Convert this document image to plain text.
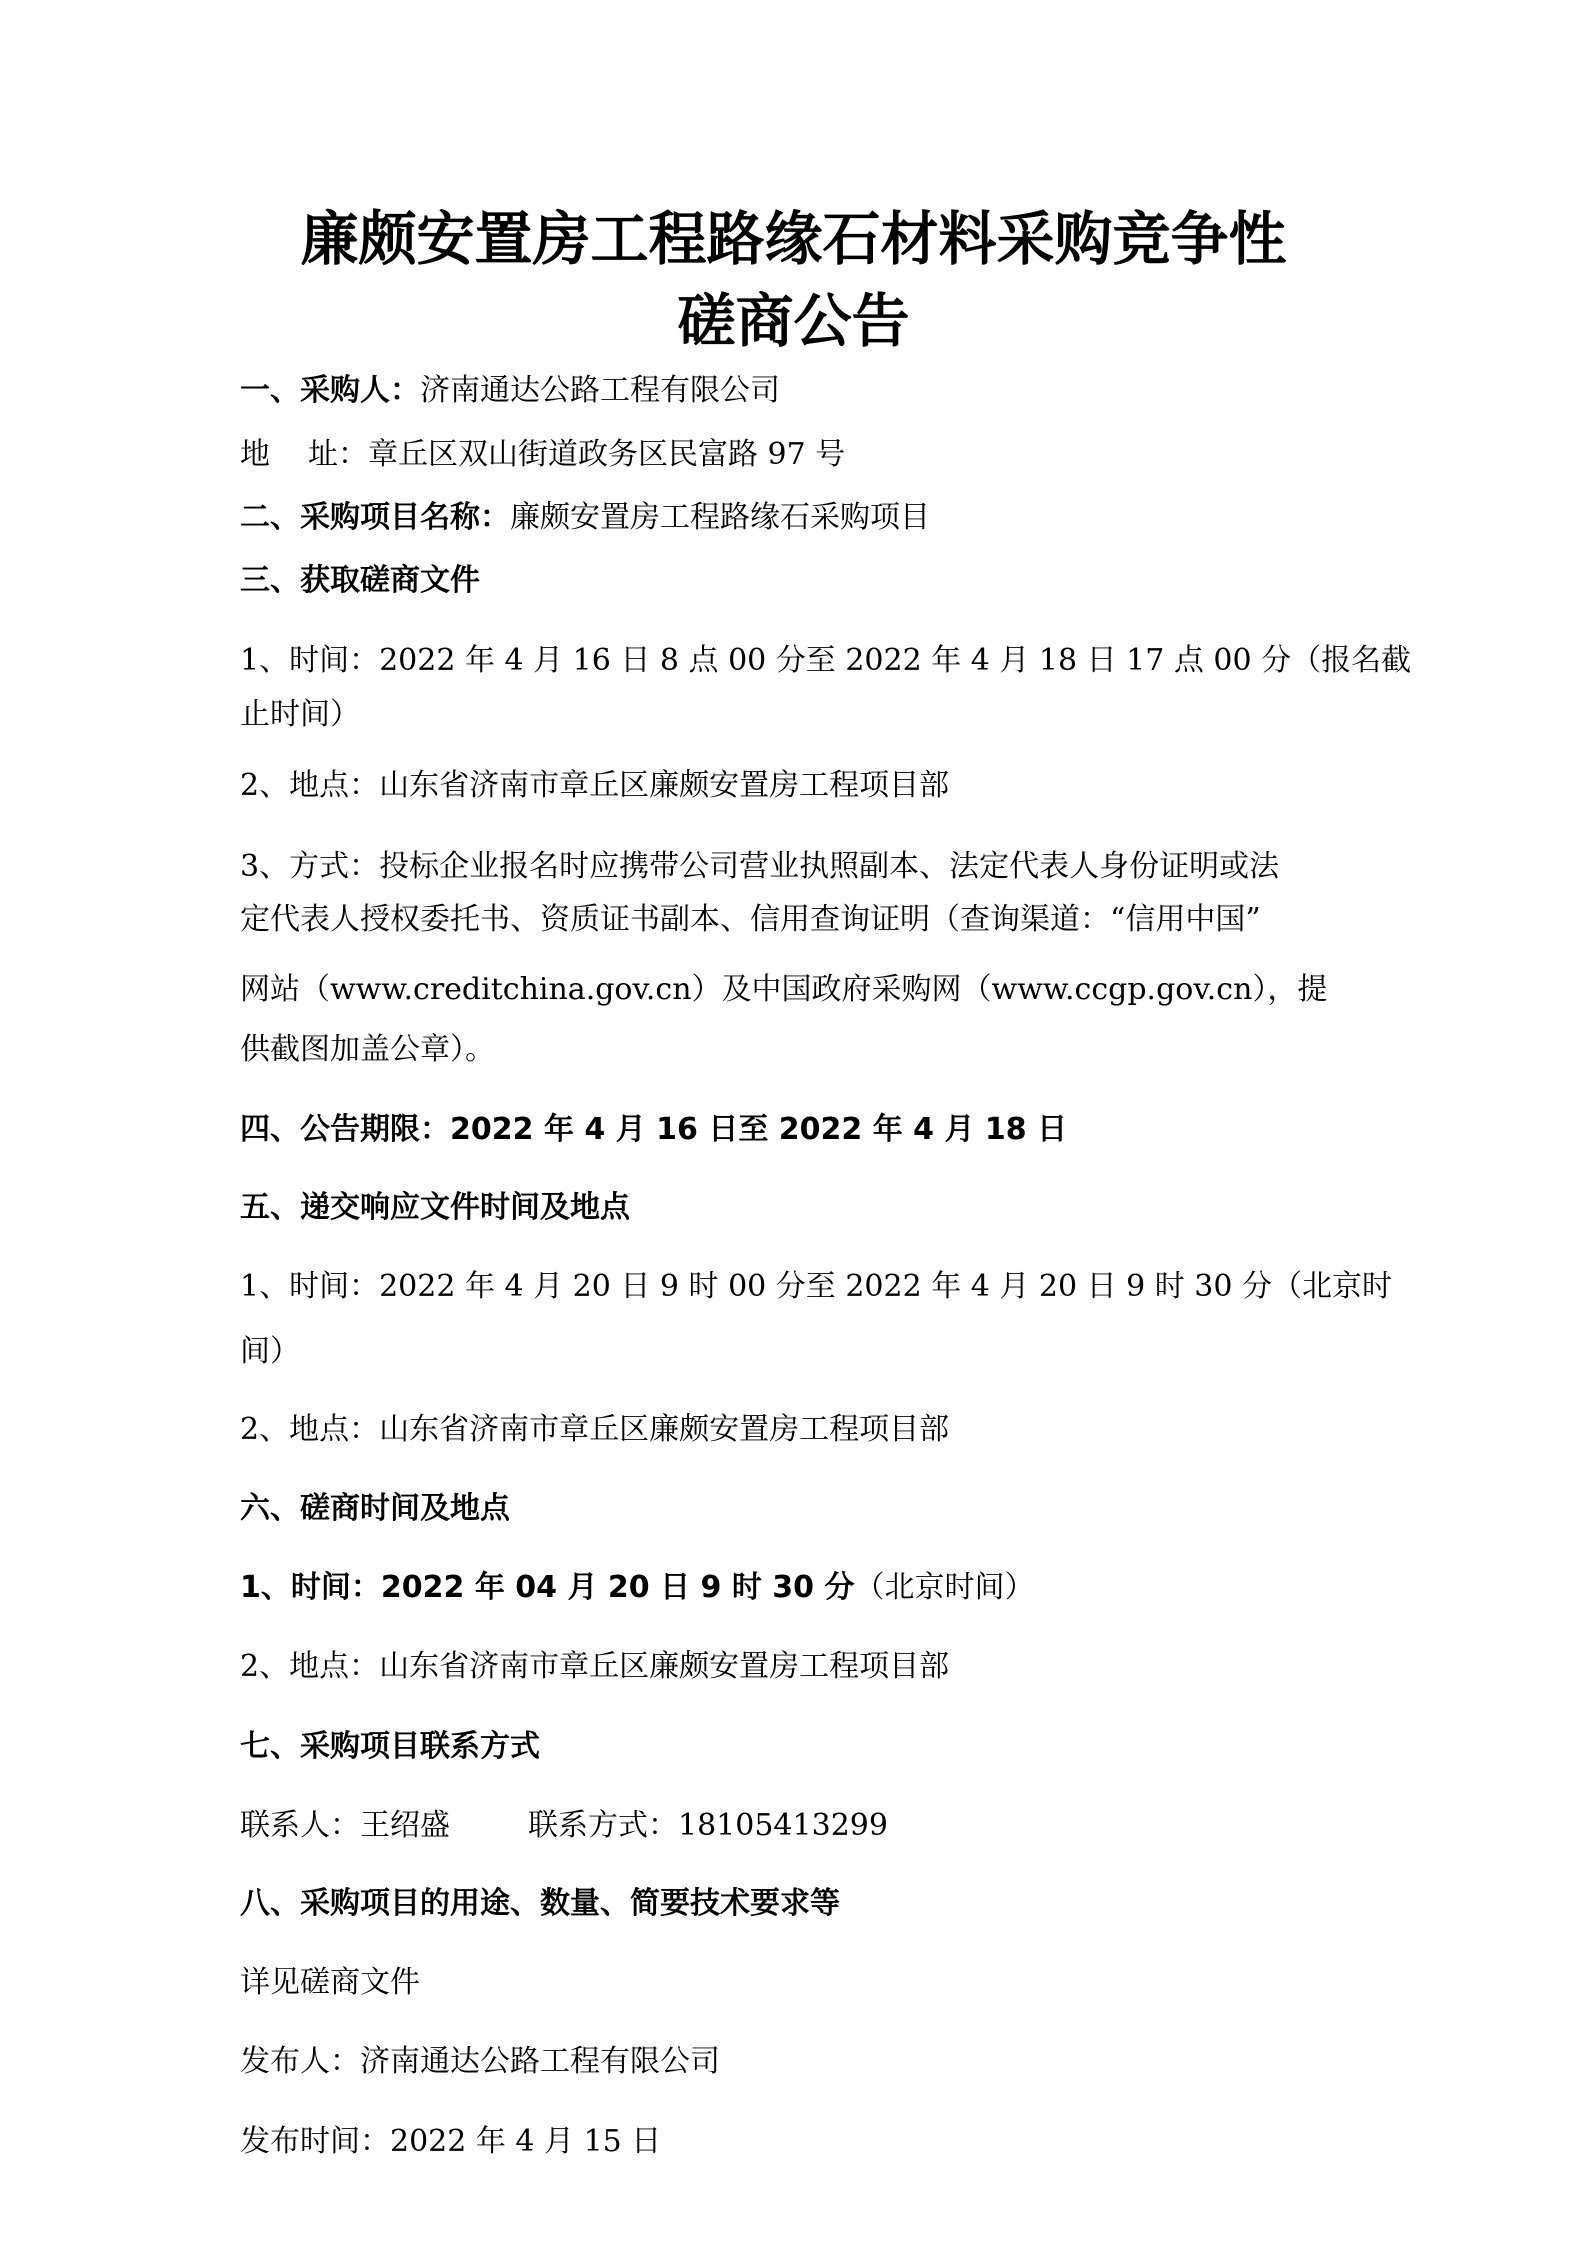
廉颇安置房工程路缘石材料采购竞争性
磋商公告
一、采购人：济南通达公路工程有限公司
地 址：章丘区双山街道政务区民富路 97 号
二、采购项目名称：廉颇安置房工程路缘石采购项目
三、获取磋商文件
1、时间：2022 年 4 月 16 日 8 点 00 分至 2022 年 4 月 18 日 17 点 00 分（报名截
止时间）
2、地点：山东省济南市章丘区廉颇安置房工程项目部
3、方式：投标企业报名时应携带公司营业执照副本、法定代表人身份证明或法
定代表人授权委托书、资质证书副本、信用查询证明（查询渠道：“信用中国”
网站（www.creditchina.gov.cn）及中国政府采购网（www.ccgp.gov.cn），提
供截图加盖公章）。
四、公告期限：2022 年 4 月 16 日至 2022 年 4 月 18 日
五、递交响应文件时间及地点
1、时间：2022 年 4 月 20 日 9 时 00 分至 2022 年 4 月 20 日 9 时 30 分（北京时
间）
2、地点：山东省济南市章丘区廉颇安置房工程项目部
六、磋商时间及地点
1、时间：2022 年 04 月 20 日 9 时 30 分（北京时间）
2、地点：山东省济南市章丘区廉颇安置房工程项目部
七、采购项目联系方式
联系人：王绍盛	联系方式：18105413299
八、采购项目的用途、数量、简要技术要求等
详见磋商文件
发布人：济南通达公路工程有限公司
发布时间：2022 年 4 月 15 日
